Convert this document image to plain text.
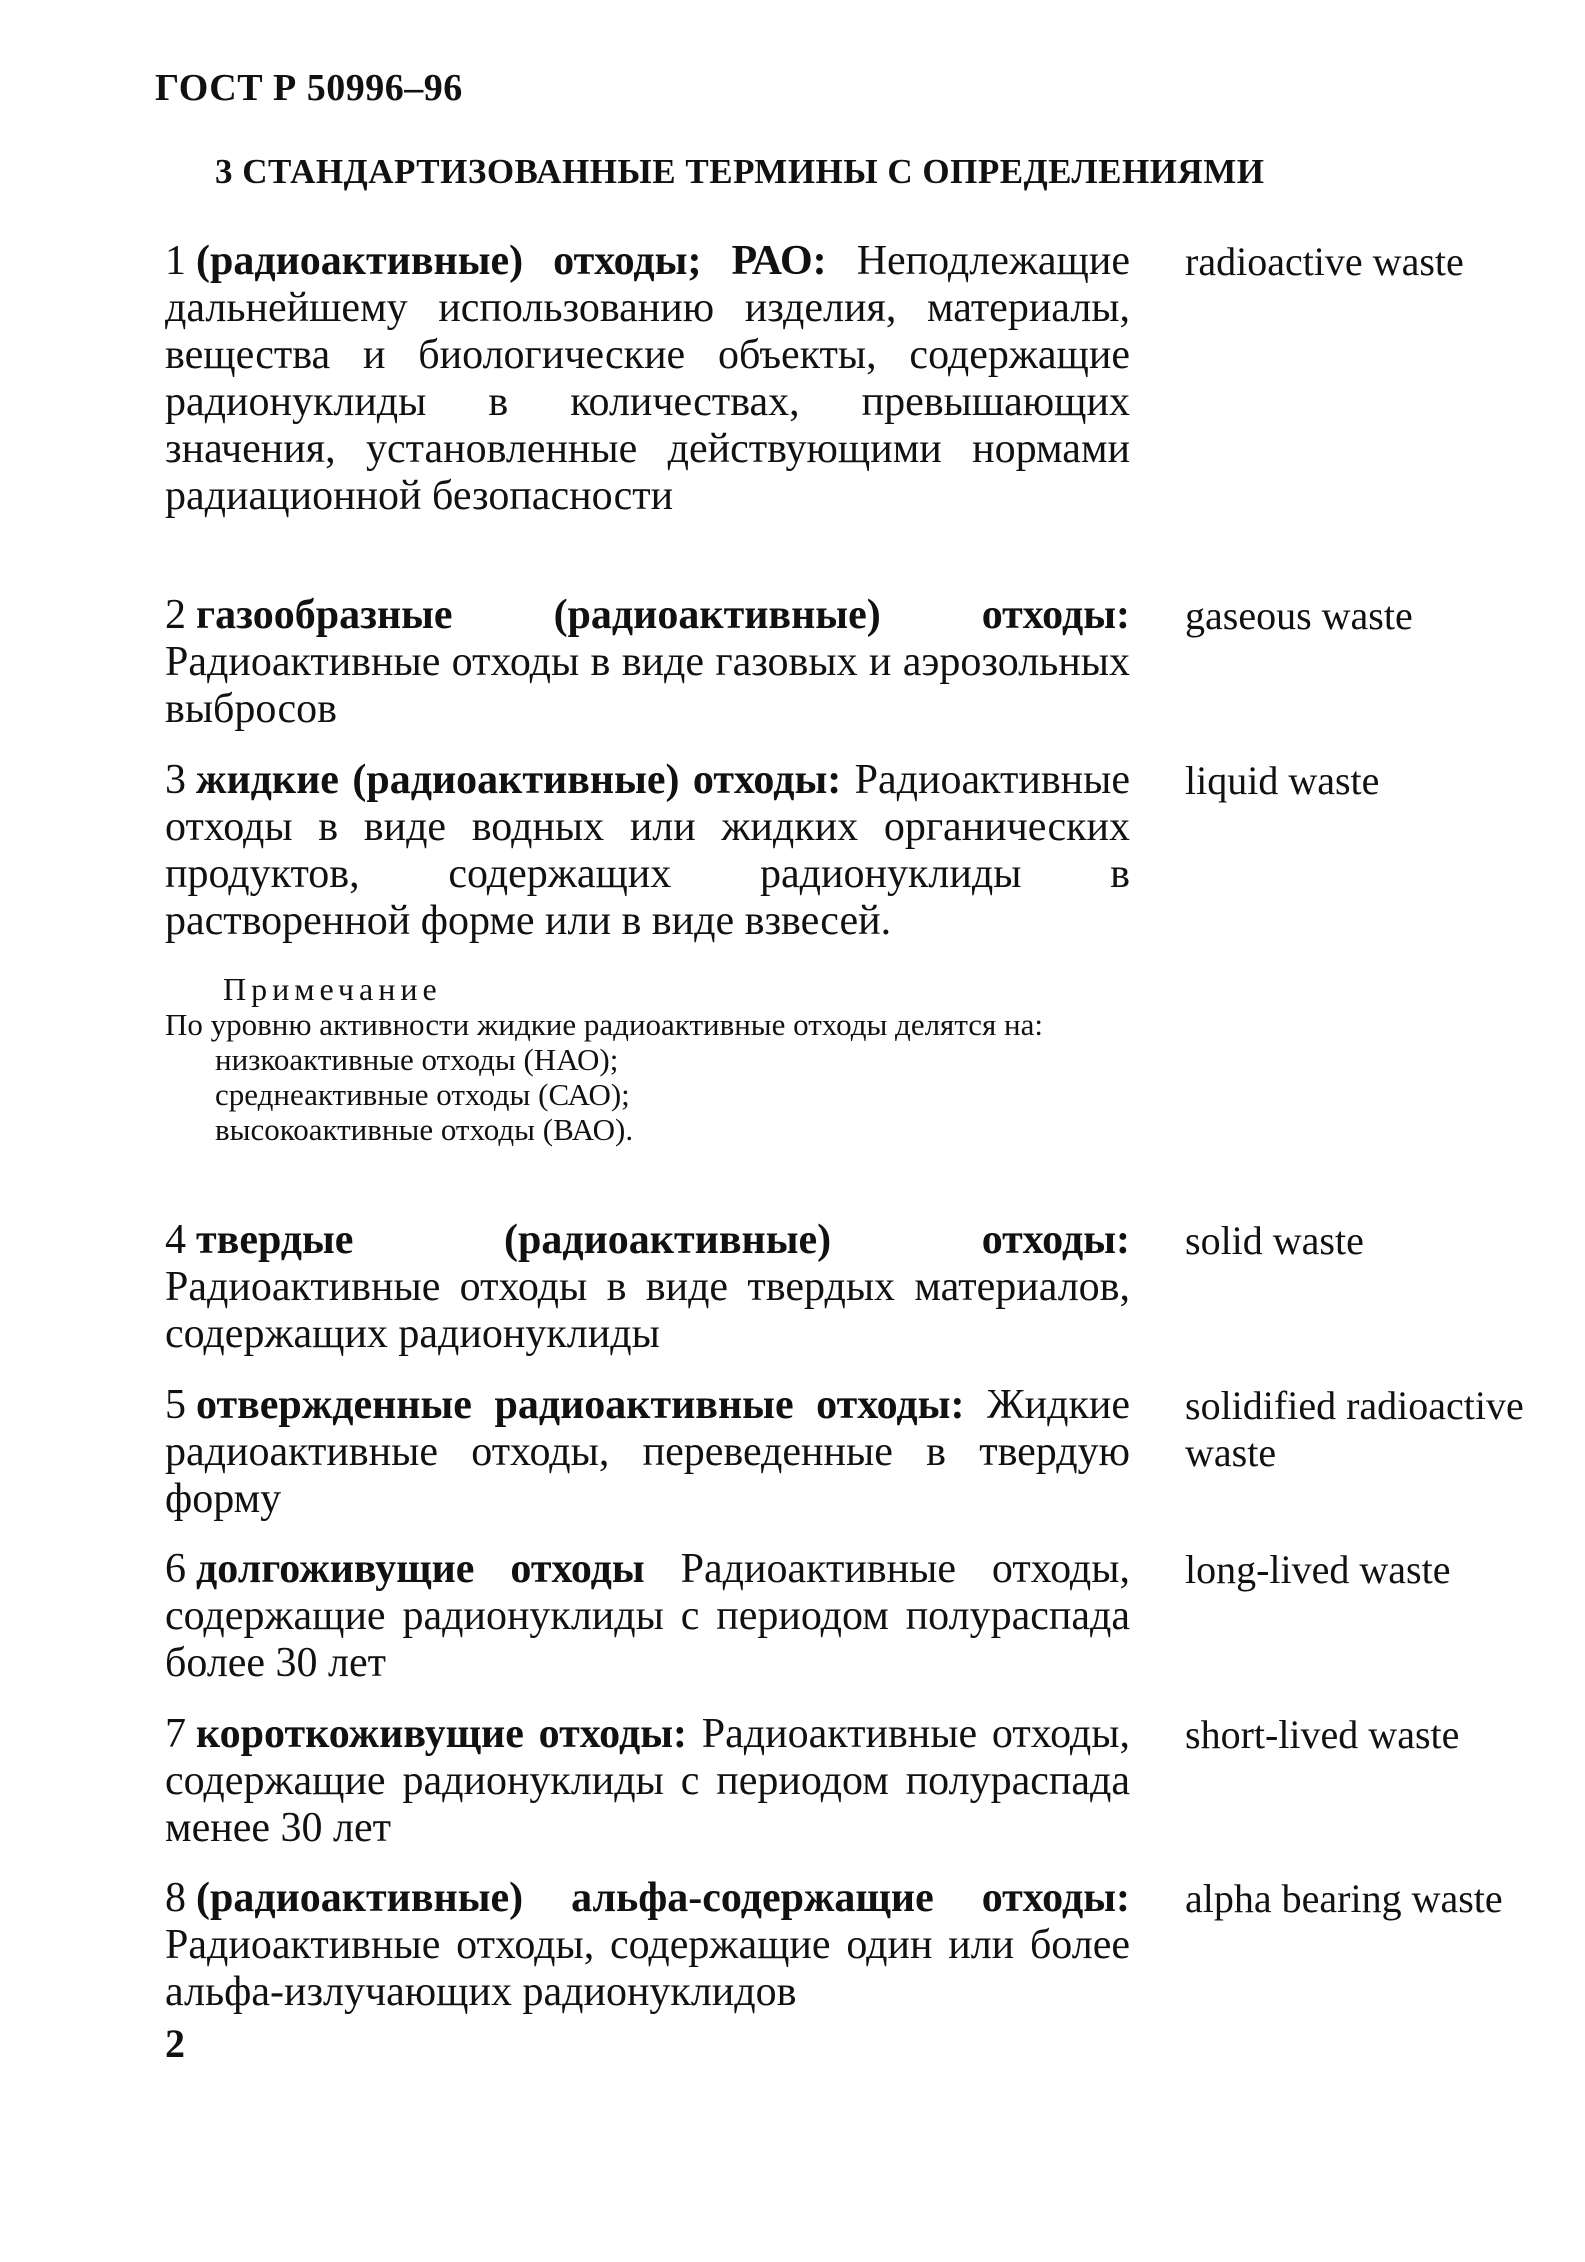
ГОСТ Р 50996–96
3 СТАНДАРТИЗОВАННЫЕ ТЕРМИНЫ С ОПРЕДЕЛЕНИЯМИ
1 (радиоактивные) отходы; РАО: Неподлежащие дальнейшему использованию изделия, материалы, вещества и биологические объекты, содержащие радионуклиды в количествах, превышающих значения, установленные действующими нормами радиационной безопасности
radioactive waste
2 газообразные (радиоактивные) отходы: Радиоактивные отходы в виде газовых и аэрозольных выбросов
gaseous waste
3 жидкие (радиоактивные) отходы: Радиоактивные отходы в виде водных или жидких органических продуктов, содержащих радионуклиды в растворенной форме или в виде взвесей.
liquid waste
4 твердые (радиоактивные) отходы: Радиоактивные отходы в виде твердых материалов, содержащих радионуклиды
solid waste
5 отвержденные радиоактивные отходы: Жидкие радиоактивные отходы, переведенные в твердую форму
solidified radioactive waste
6 долгоживущие отходы Радиоактивные отходы, содержащие радионуклиды с периодом полураспада более 30 лет
long-lived waste
7 короткоживущие отходы: Радиоактивные отходы, содержащие радионуклиды с периодом полураспада менее 30 лет
short-lived waste
8 (радиоактивные) альфа-содержащие отходы: Радиоактивные отходы, содержащие один или более альфа-излучающих радионуклидов
alpha bearing waste
Примечание
По уровню активности жидкие радиоактивные отходы делятся на:
низкоактивные отходы (НАО);
среднеактивные отходы (САО);
высокоактивные отходы (ВАО).
2
